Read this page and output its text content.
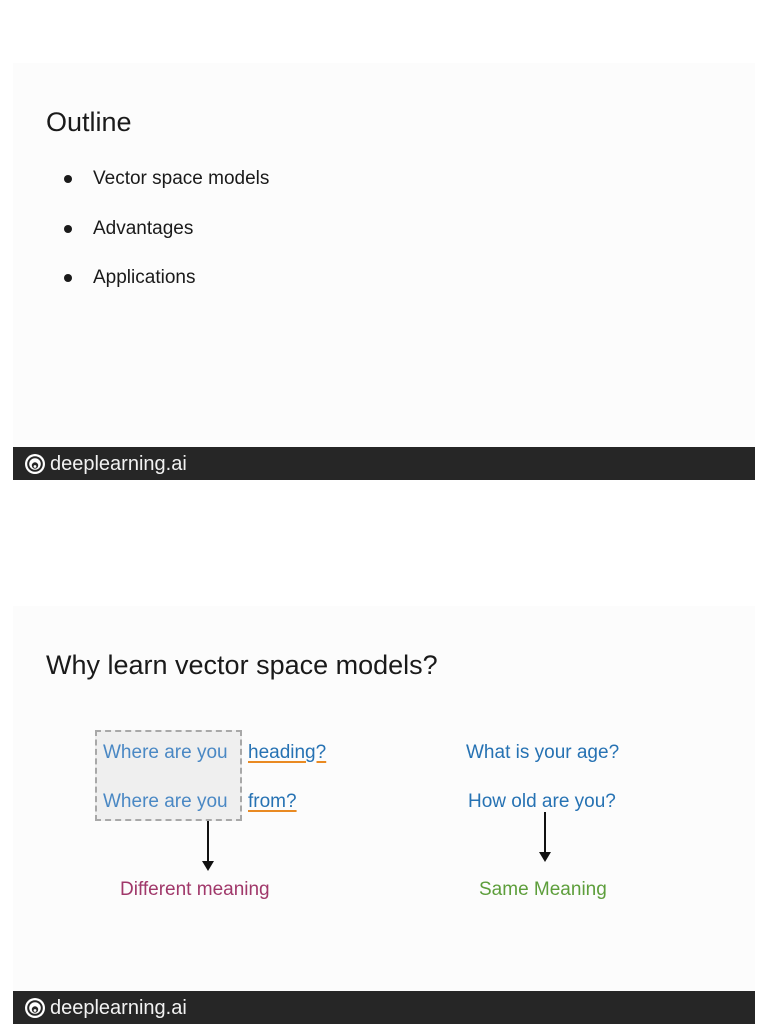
Outline
Vector space models
Advantages
Applications
deeplearning.ai
Why learn vector space models?
Where are you heading?
Where are you from?
Different meaning
What is your age?
How old are you?
Same Meaning
deeplearning.ai
